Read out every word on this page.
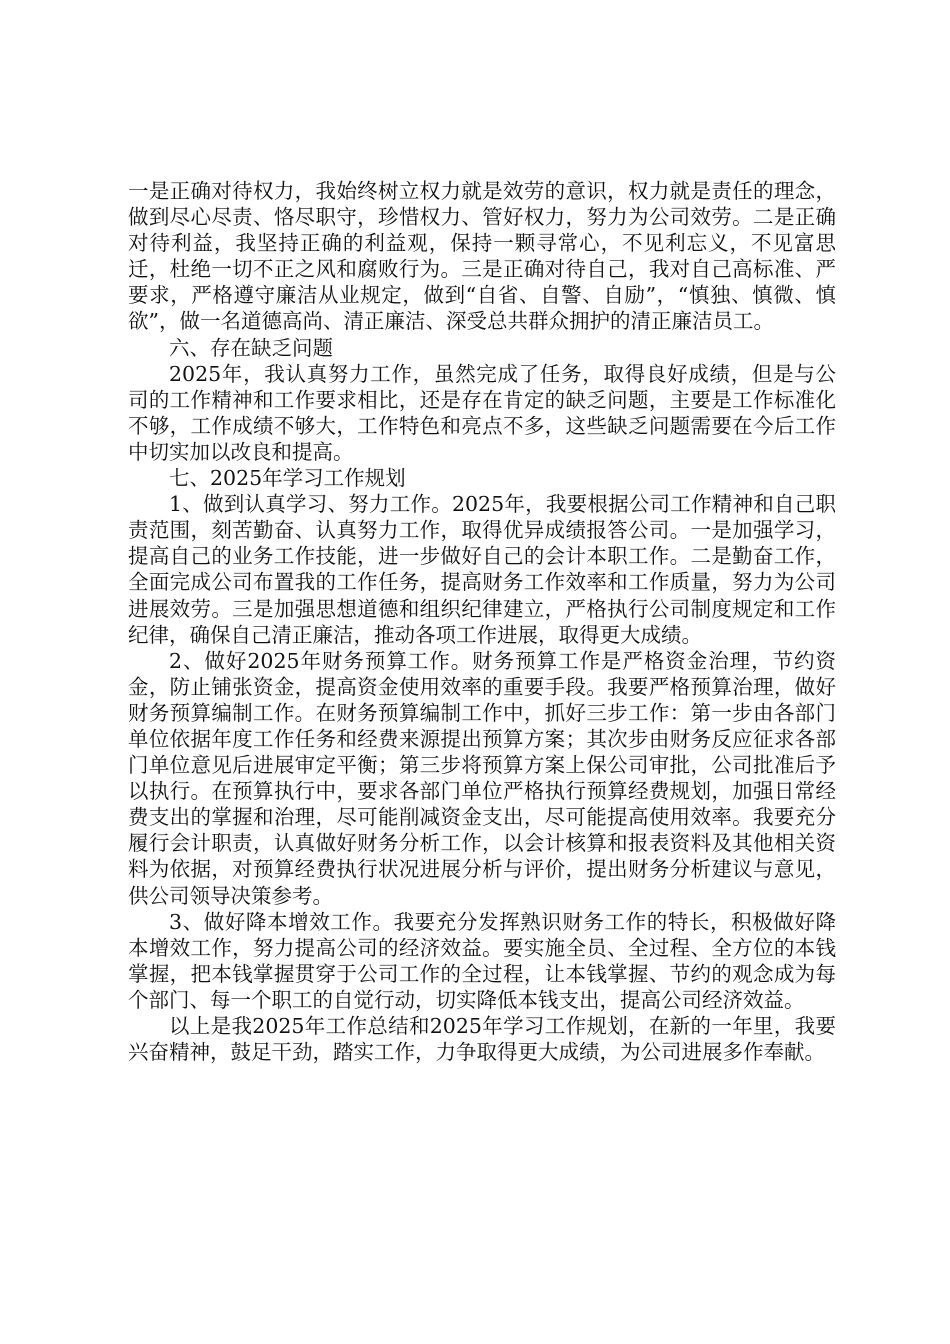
一是正确对待权力，我始终树立权力就是效劳的意识，权力就是责任的理念，做到尽心尽责、恪尽职守，珍惜权力、管好权力，努力为公司效劳。二是正确对待利益，我坚持正确的利益观，保持一颗寻常心，不见利忘义，不见富思迁，杜绝一切不正之风和腐败行为。三是正确对待自己，我对自己高标准、严要求，严格遵守廉洁从业规定，做到“自省、自警、自励”，“慎独、慎微、慎欲”，做一名道德高尚、清正廉洁、深受总共群众拥护的清正廉洁员工。

六、存在缺乏问题

2025年，我认真努力工作，虽然完成了任务，取得良好成绩，但是与公司的工作精神和工作要求相比，还是存在肯定的缺乏问题，主要是工作标准化不够，工作成绩不够大，工作特色和亮点不多，这些缺乏问题需要在今后工作中切实加以改良和提高。

七、2025年学习工作规划

1、做到认真学习、努力工作。2025年，我要根据公司工作精神和自己职责范围，刻苦勤奋、认真努力工作，取得优异成绩报答公司。一是加强学习，提高自己的业务工作技能，进一步做好自己的会计本职工作。二是勤奋工作，全面完成公司布置我的工作任务，提高财务工作效率和工作质量，努力为公司进展效劳。三是加强思想道德和组织纪律建立，严格执行公司制度规定和工作纪律，确保自己清正廉洁，推动各项工作进展，取得更大成绩。

2、做好2025年财务预算工作。财务预算工作是严格资金治理，节约资金，防止铺张资金，提高资金使用效率的重要手段。我要严格预算治理，做好财务预算编制工作。在财务预算编制工作中，抓好三步工作：第一步由各部门单位依据年度工作任务和经费来源提出预算方案；其次步由财务反应征求各部门单位意见后进展审定平衡；第三步将预算方案上保公司审批，公司批准后予以执行。在预算执行中，要求各部门单位严格执行预算经费规划，加强日常经费支出的掌握和治理，尽可能削减资金支出，尽可能提高使用效率。我要充分履行会计职责，认真做好财务分析工作，以会计核算和报表资料及其他相关资料为依据，对预算经费执行状况进展分析与评价，提出财务分析建议与意见，供公司领导决策参考。

3、做好降本增效工作。我要充分发挥熟识财务工作的特长，积极做好降本增效工作，努力提高公司的经济效益。要实施全员、全过程、全方位的本钱掌握，把本钱掌握贯穿于公司工作的全过程，让本钱掌握、节约的观念成为每个部门、每一个职工的自觉行动，切实降低本钱支出，提高公司经济效益。

以上是我2025年工作总结和2025年学习工作规划，在新的一年里，我要兴奋精神，鼓足干劲，踏实工作，力争取得更大成绩，为公司进展多作奉献。
